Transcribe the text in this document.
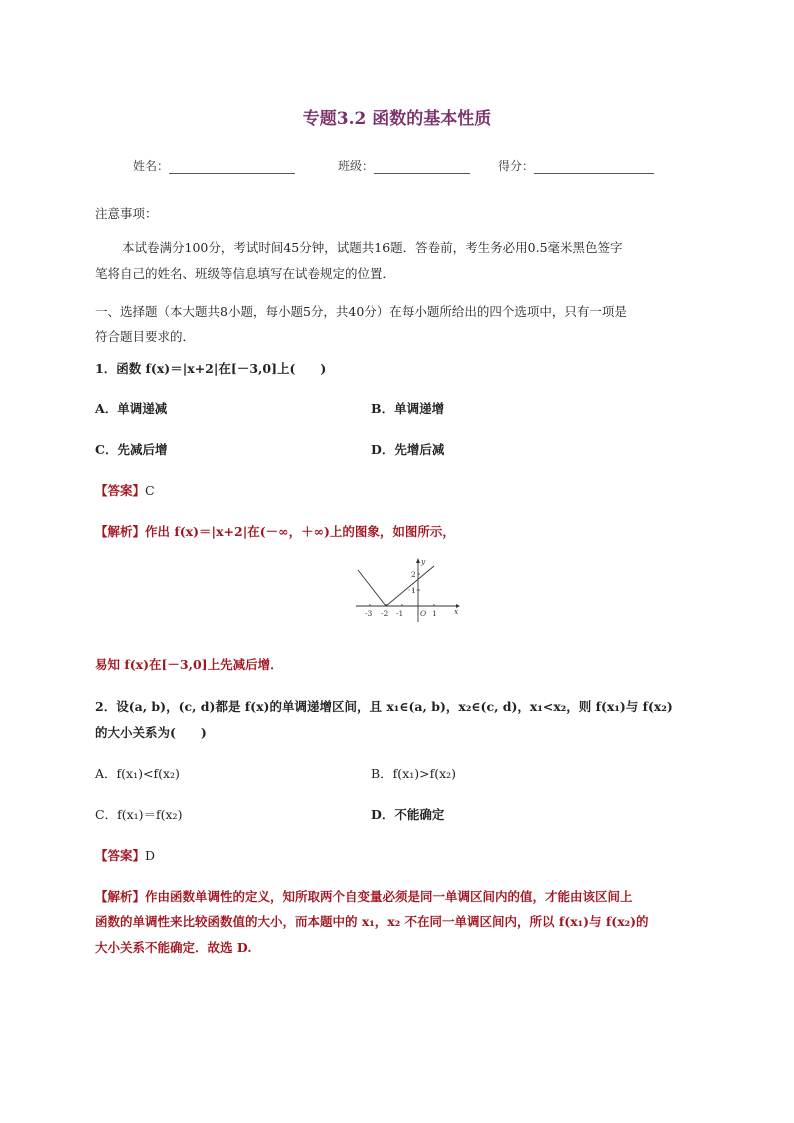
专题3.2 函数的基本性质
姓名：	班级：	得分：
注意事项：
本试卷满分100分，考试时间45分钟，试题共16题．答卷前，考生务必用0.5毫米黑色签字
笔将自己的姓名、班级等信息填写在试卷规定的位置．
一、选择题（本大题共8小题，每小题5分，共40分）在每小题所给出的四个选项中，只有一项是
符合题目要求的．
1．函数 f(x)＝|x+2|在[－3,0]上(　　)
A．单调递减	B．单调递增
C．先减后增	D．先增后减
【答案】C
【解析】作出 f(x)＝|x+2|在(－∞，＋∞)上的图象，如图所示，
-3 -2 -1 O 1
2
1
x
y
易知 f(x)在[－3,0]上先减后增．
2．设(a, b)，(c, d)都是 f(x)的单调递增区间，且 x₁∈(a, b)，x₂∈(c, d)，x₁<x₂，则 f(x₁)与 f(x₂)
的大小关系为(　　)
A．f(x₁)<f(x₂)	B．f(x₁)>f(x₂)
C．f(x₁)＝f(x₂)	D．不能确定
【答案】D
【解析】作由函数单调性的定义，知所取两个自变量必须是同一单调区间内的值，才能由该区间上
函数的单调性来比较函数值的大小，而本题中的 x₁，x₂ 不在同一单调区间内，所以 f(x₁)与 f(x₂)的
大小关系不能确定．故选 D.
